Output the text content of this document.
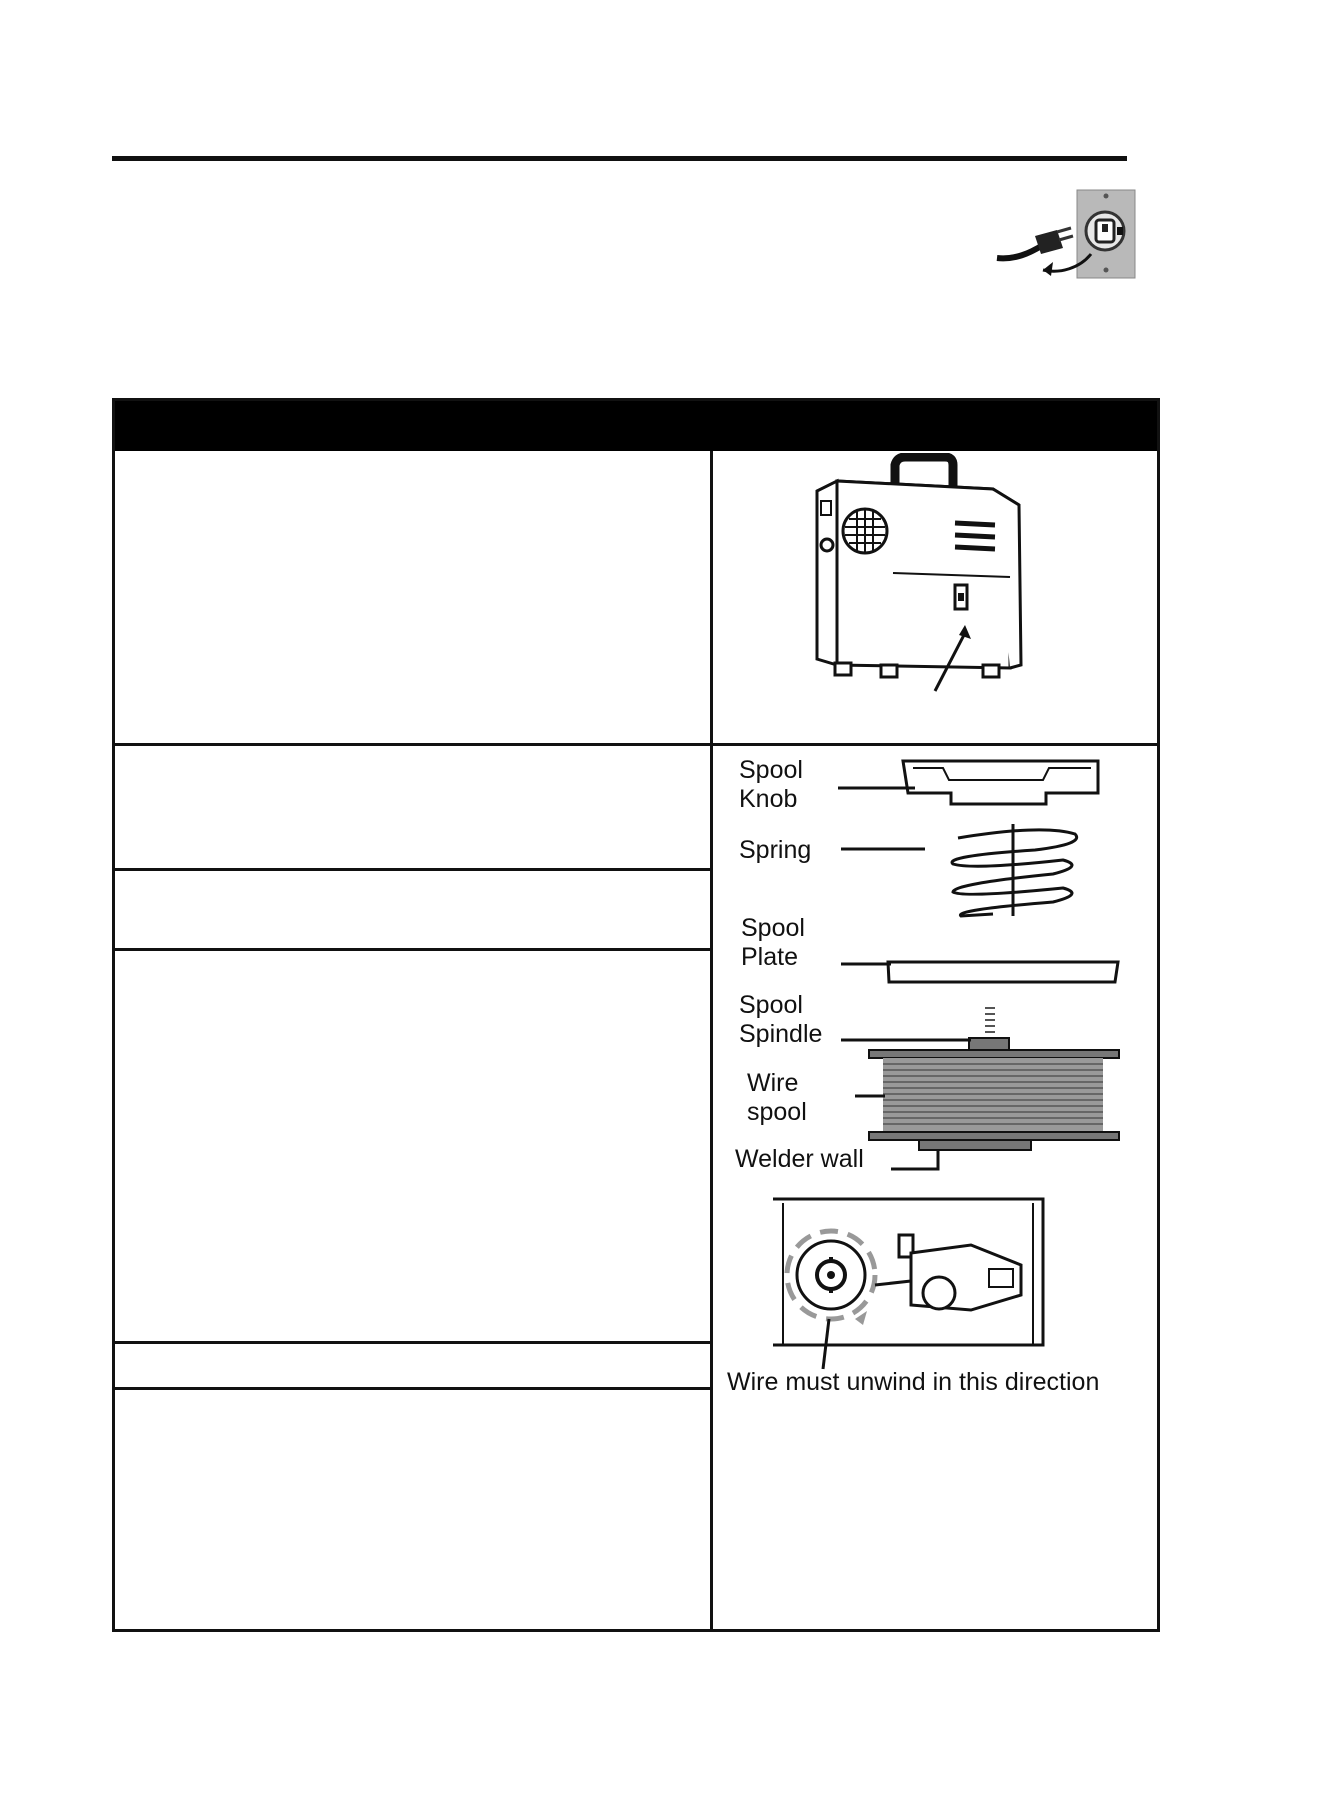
Spool
Knob
Spring
Spool
Plate
Spool
Spindle
Wire
spool
Welder wall
Wire must unwind in this direction
